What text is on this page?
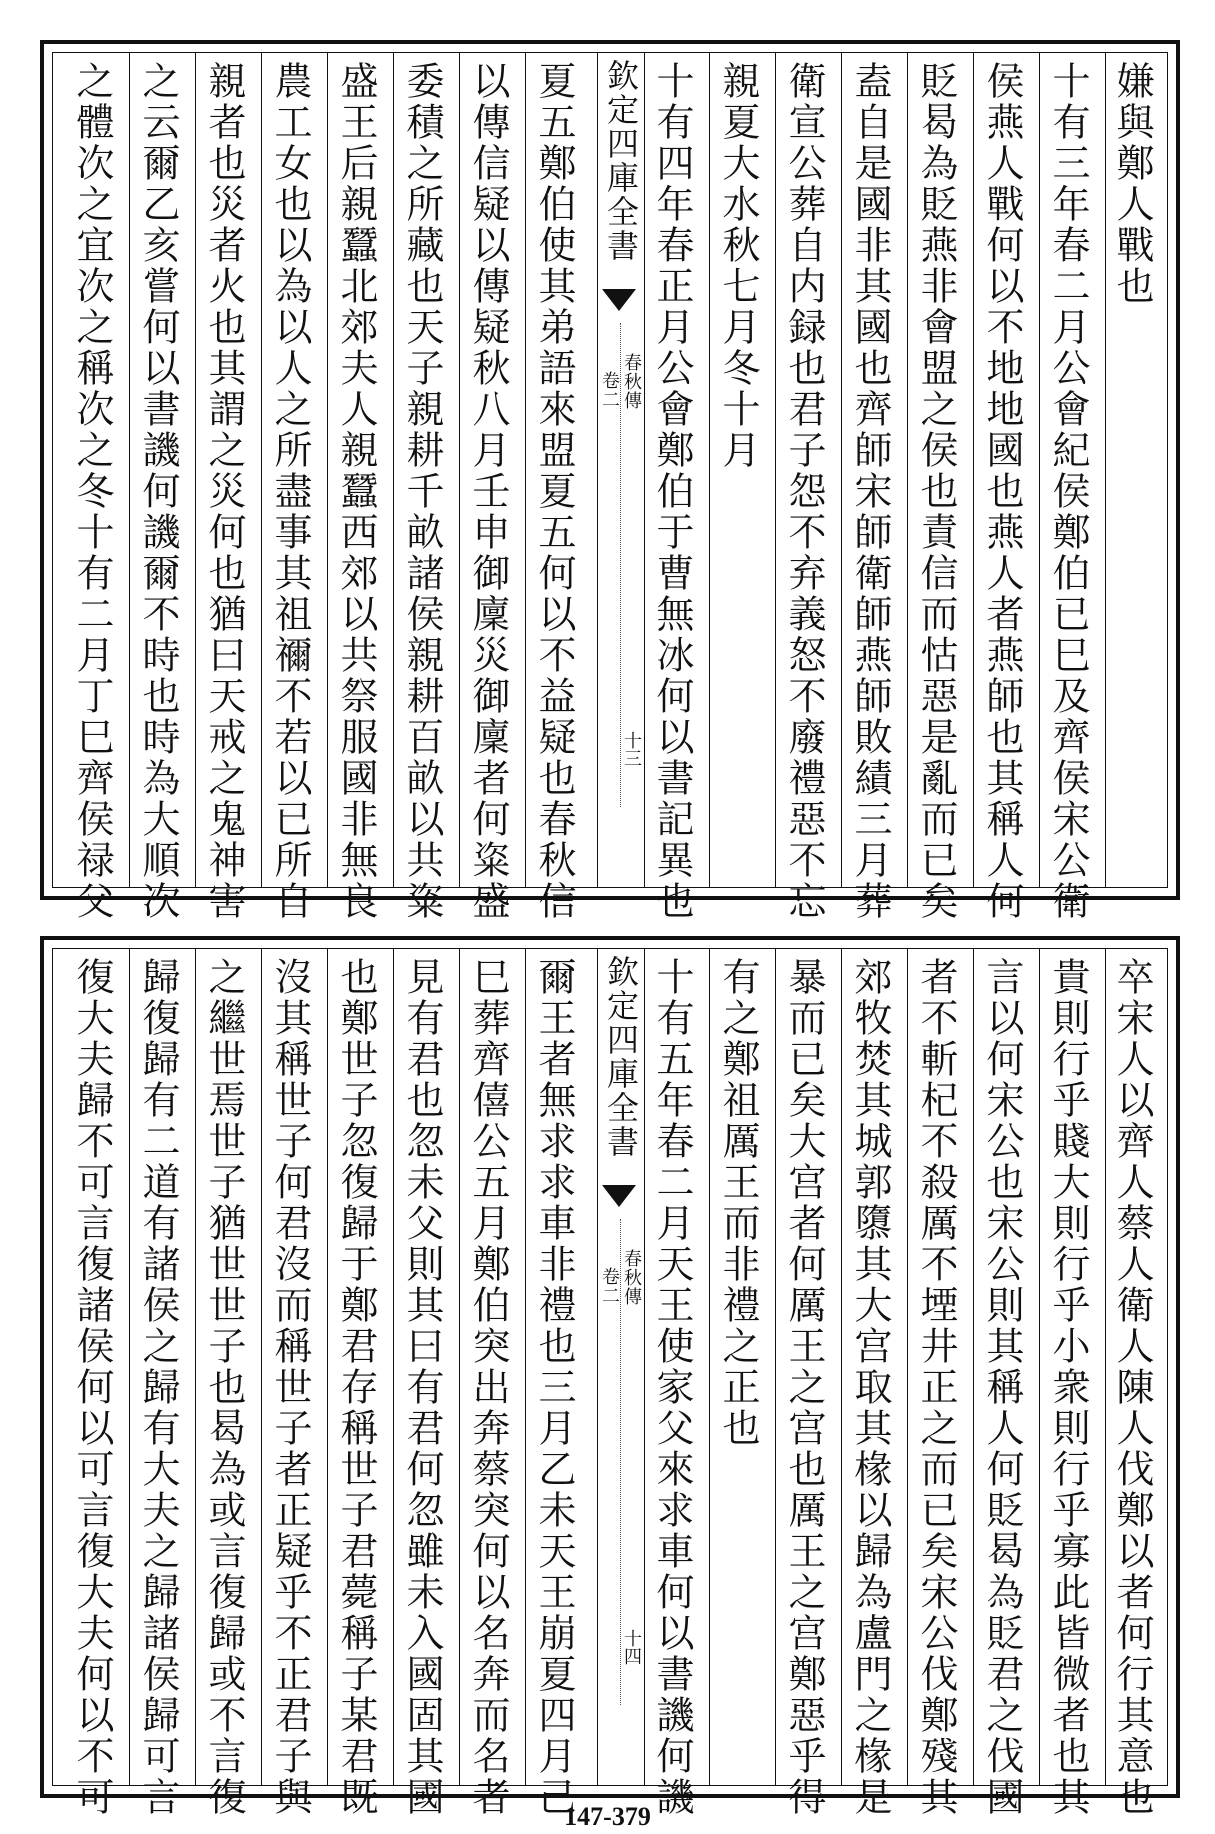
嫌與鄭人戰也
十有三年春二月公會紀侯鄭伯已巳及齊侯宋公衛
侯燕人戰何以不地地國也燕人者燕師也其稱人何
貶曷為貶燕非會盟之侯也責信而怙惡是亂而已矣
盍自是國非其國也齊師宋師衛師燕師敗績三月葬
衛宣公葬自内録也君子怨不弃義怒不廢禮惡不忘
親夏大水秋七月冬十月
十有四年春正月公會鄭伯于曹無冰何以書記異也
欽定四庫全書
春秋傳
卷二
十三
夏五鄭伯使其弟語來盟夏五何以不益疑也春秋信
以傳信疑以傳疑秋八月壬申御廩災御廩者何粢盛
委積之所藏也天子親耕千畝諸侯親耕百畝以共粢
盛王后親蠶北郊夫人親蠶西郊以共祭服國非無良
農工女也以為以人之所盡事其祖禰不若以已所自
親者也災者火也其謂之災何也猶曰天戒之鬼神害
之云爾乙亥嘗何以書譏何譏爾不時也時為大順次
之體次之宜次之稱次之冬十有二月丁巳齊侯禄父
卒宋人以齊人蔡人衛人陳人伐鄭以者何行其意也
貴則行乎賤大則行乎小衆則行乎寡此皆微者也其
言以何宋公也宋公則其稱人何貶曷為貶君之伐國
者不斬杞不殺厲不堙井正之而已矣宋公伐鄭殘其
郊牧焚其城郭隳其大宫取其椽以歸為盧門之椽是
暴而已矣大宫者何厲王之宫也厲王之宫鄭惡乎得
有之鄭祖厲王而非禮之正也
十有五年春二月天王使家父來求車何以書譏何譏
欽定四庫全書
春秋傳
卷二
十四
爾王者無求求車非禮也三月乙未天王崩夏四月己
巳葬齊僖公五月鄭伯突出奔蔡突何以名奔而名者
見有君也忽未父則其曰有君何忽雖未入國固其國
也鄭世子忽復歸于鄭君存稱世子君薨稱子某君既
沒其稱世子何君沒而稱世子者正疑乎不正君子與
之繼世焉世子猶世世子也曷為或言復歸或不言復
歸復歸有二道有諸侯之歸有大夫之歸諸侯歸可言
復大夫歸不可言復諸侯何以可言復大夫何以不可	147-379
